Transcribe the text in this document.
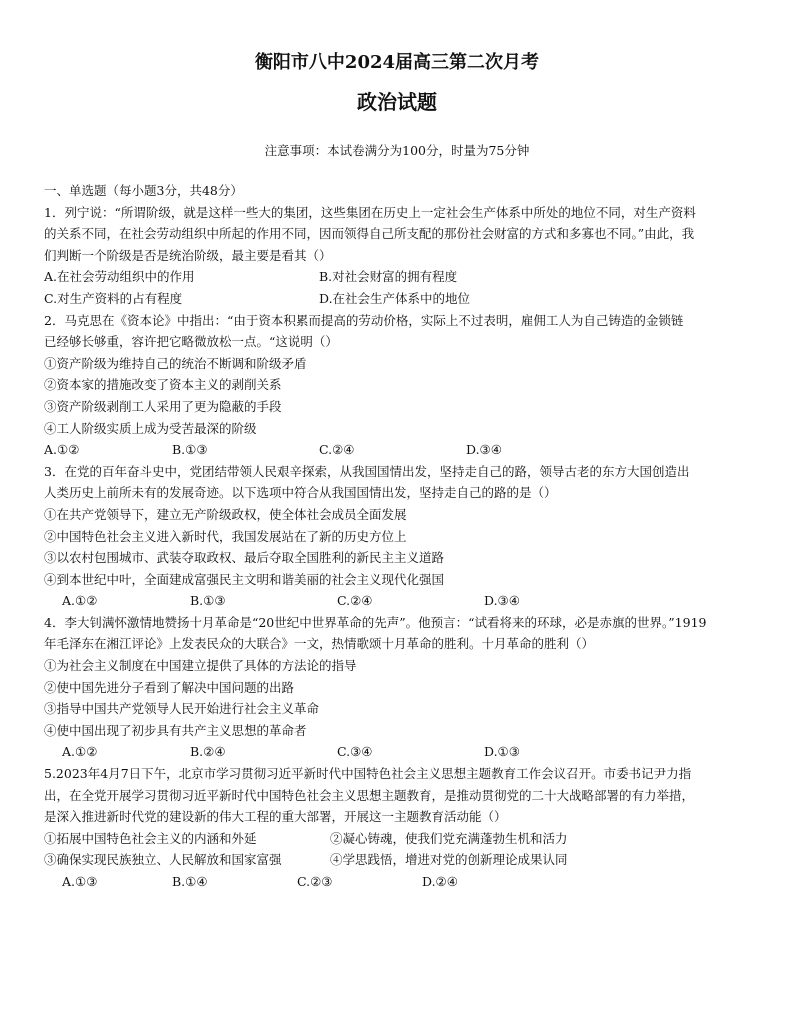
衡阳市八中2024届高三第二次月考
政治试题
注意事项：本试卷满分为100分，时量为75分钟
一、单选题（每小题3分，共48分）
1．列宁说：“所谓阶级，就是这样一些大的集团，这些集团在历史上一定社会生产体系中所处的地位不同，对生产资料
的关系不同，在社会劳动组织中所起的作用不同，因而领得自己所支配的那份社会财富的方式和多寡也不同。”由此，我
们判断一个阶级是否是统治阶级，最主要是看其（）
A.在社会劳动组织中的作用	B.对社会财富的拥有程度
C.对生产资料的占有程度	D.在社会生产体系中的地位
2．马克思在《资本论》中指出：“由于资本积累而提高的劳动价格，实际上不过表明，雇佣工人为自己铸造的金锁链
已经够长够重，容许把它略微放松一点。“这说明（）
①资产阶级为维持自己的统治不断调和阶级矛盾
②资本家的措施改变了资本主义的剥削关系
③资产阶级剥削工人采用了更为隐蔽的手段
④工人阶级实质上成为受苦最深的阶级
A.①②	B.①③	C.②④	D.③④
3．在党的百年奋斗史中，党团结带领人民艰辛探索，从我国国情出发，坚持走自己的路，领导古老的东方大国创造出
人类历史上前所未有的发展奇迹。以下选项中符合从我国国情出发，坚持走自己的路的是（）
①在共产党领导下，建立无产阶级政权，使全体社会成员全面发展
②中国特色社会主义进入新时代，我国发展站在了新的历史方位上
③以农村包围城市、武装夺取政权、最后夺取全国胜利的新民主主义道路
④到本世纪中叶，全面建成富强民主文明和谐美丽的社会主义现代化强国
A.①②	B.①③	C.②④	D.③④
4．李大钊满怀激情地赞扬十月革命是“20世纪中世界革命的先声”。他预言：“试看将来的环球，必是赤旗的世界。”1919
年毛泽东在湘江评论》上发表民众的大联合》一文，热情歌颂十月革命的胜利。十月革命的胜利（）
①为社会主义制度在中国建立提供了具体的方法论的指导
②使中国先进分子看到了解决中国问题的出路
③指导中国共产党领导人民开始进行社会主义革命
④使中国出现了初步具有共产主义思想的革命者
A.①②	B.②④	C.③④	D.①③
5.2023年4月7日下午，北京市学习贯彻习近平新时代中国特色社会主义思想主题教育工作会议召开。市委书记尹力指
出，在全党开展学习贯彻习近平新时代中国特色社会主义思想主题教育，是推动贯彻党的二十大战略部署的有力举措，
是深入推进新时代党的建设新的伟大工程的重大部署，开展这一主题教育活动能（）
①拓展中国特色社会主义的内涵和外延	②凝心铸魂，使我们党充满蓬勃生机和活力
③确保实现民族独立、人民解放和国家富强	④学思践悟，增进对党的创新理论成果认同
A.①③	B.①④	C.②③	D.②④
